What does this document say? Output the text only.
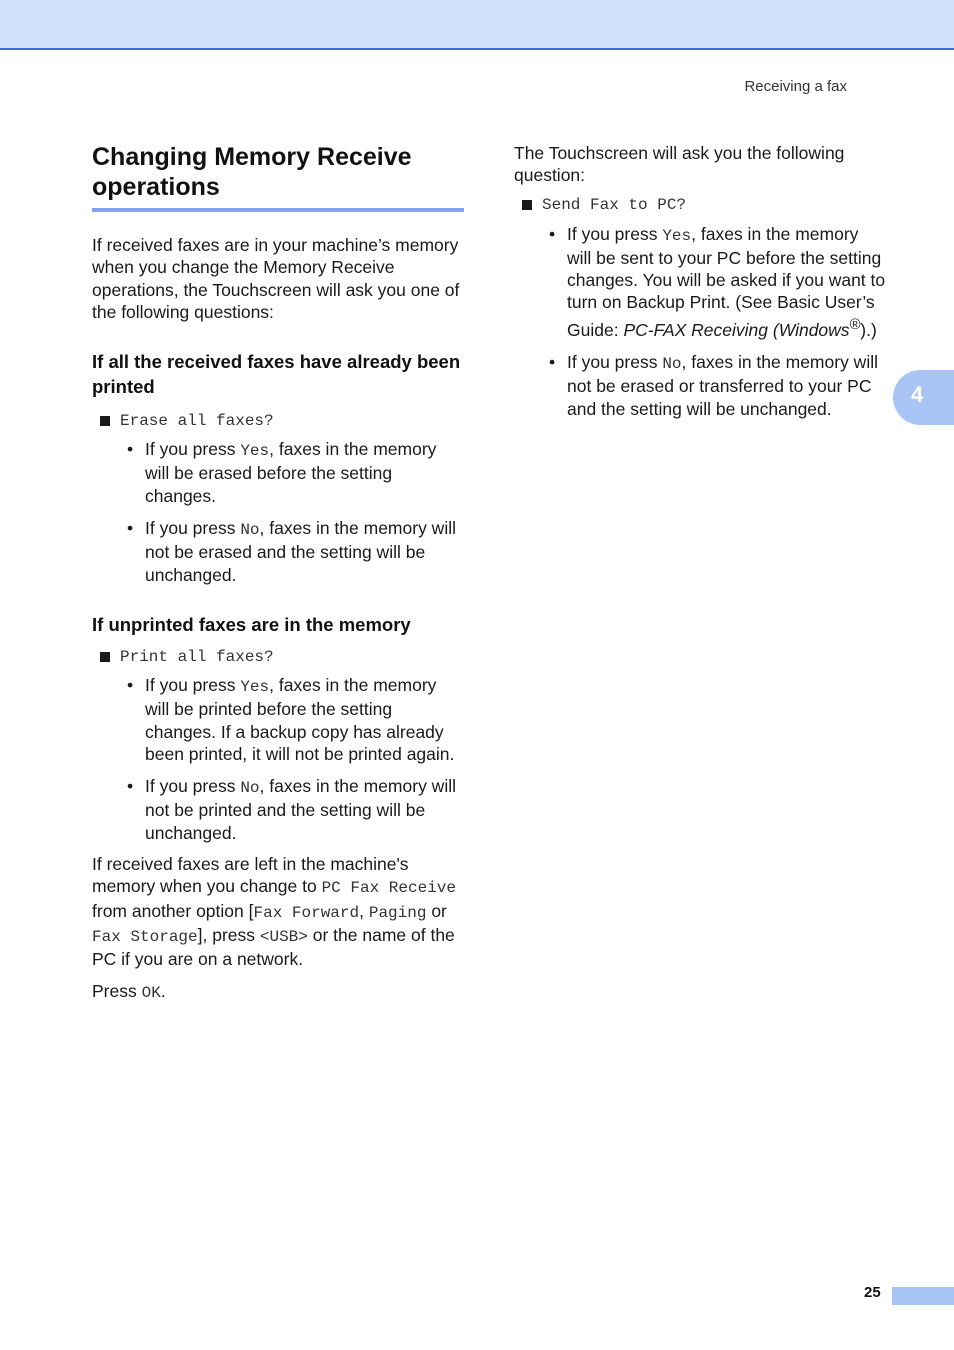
Receiving a fax
4
Changing Memory Receive operations

If received faxes are in your machine’s memory when you change the Memory Receive operations, the Touchscreen will ask you one of the following questions:

If all the received faxes have already been printed
Erase all faxes?
• If you press Yes, faxes in the memory will be erased before the setting changes.

• If you press No, faxes in the memory will not be erased and the setting will be unchanged.

If unprinted faxes are in the memory
Print all faxes?
• If you press Yes, faxes in the memory will be printed before the setting changes. If a backup copy has already been printed, it will not be printed again.

• If you press No, faxes in the memory will not be printed and the setting will be unchanged.

If received faxes are left in the machine's memory when you change to PC Fax Receive from another option [Fax Forward, Paging or Fax Storage], press <USB> or the name of the PC if you are on a network.

Press OK.

The Touchscreen will ask you the following question:

Send Fax to PC?
• If you press Yes, faxes in the memory will be sent to your PC before the setting changes. You will be asked if you want to turn on Backup Print. (See Basic User’s Guide: PC-FAX Receiving (Windows®).)

• If you press No, faxes in the memory will not be erased or transferred to your PC and the setting will be unchanged.

25
